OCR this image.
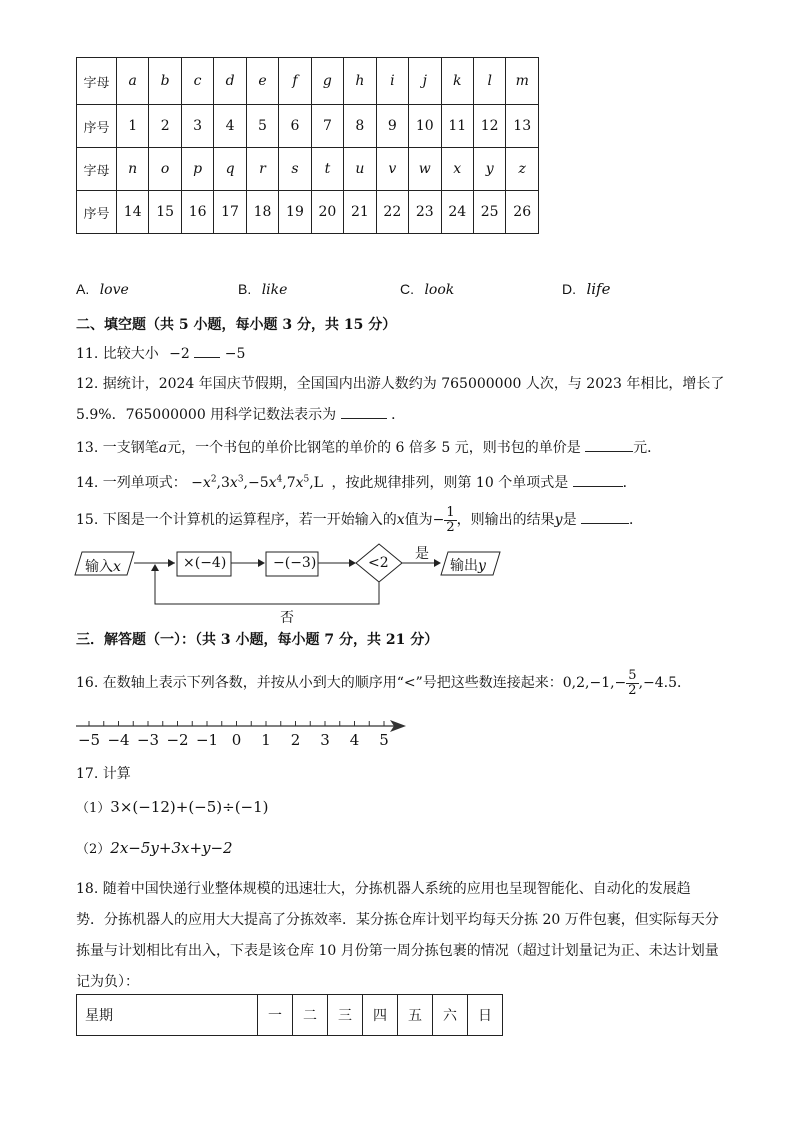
字母	a	b	c	d	e	f	g	h	i	j	k	l	m
序号	1	2	3	4	5	6	7	8	9	10	11	12	13
字母	n	o	p	q	r	s	t	u	v	w	x	y	z
序号	14	15	16	17	18	19	20	21	22	23	24	25	26
A. love	B. like	C. look	D. life
二、填空题（共 5 小题，每小题 3 分，共 15 分）
11. 比较大小 −2 −5
12. 据统计，2024 年国庆节假期，全国国内出游人数约为 765000000 人次，与 2023 年相比，增长了
5.9%．765000000 用科学记数法表示为	．
13. 一支钢笔a元，一个书包的单价比钢笔的单价的 6 倍多 5 元，则书包的单价是	元．
14. 一列单项式： $-x^2,3x^3,-5x^4,7x^5,L$ ，按此规律排列，则第 10 个单项式是	．
15. 下图是一个计算机的运算程序，若一开始输入的x值为− $\frac{1}{2}$ ，则输出的结果y是	．
输入x	×(−4)	−(−3)	<2
是
输出y
否
三．解答题（一）：（共 3 小题，每小题 7 分，共 21 分）
16. 在数轴上表示下列各数，并按从小到大的顺序用“<”号把这些数连接起来：$0,2,-1,- \frac{5}{2} ,-4.5$．
−5 −4 −3 −2 −1 0	1	2	3	4	5
17. 计算
（1）3×(−12)+(−5)÷(−1)
（2）2x−5y+3x+y−2
18. 随着中国快递行业整体规模的迅速壮大，分拣机器人系统的应用也呈现智能化、自动化的发展趋
势．分拣机器人的应用大大提高了分拣效率．某分拣仓库计划平均每天分拣 20 万件包裹，但实际每天分
拣量与计划相比有出入，下表是该仓库 10 月份第一周分拣包裹的情况（超过计划量记为正、未达计划量
记为负）：
星期	一	二	三	四	五	六	日
